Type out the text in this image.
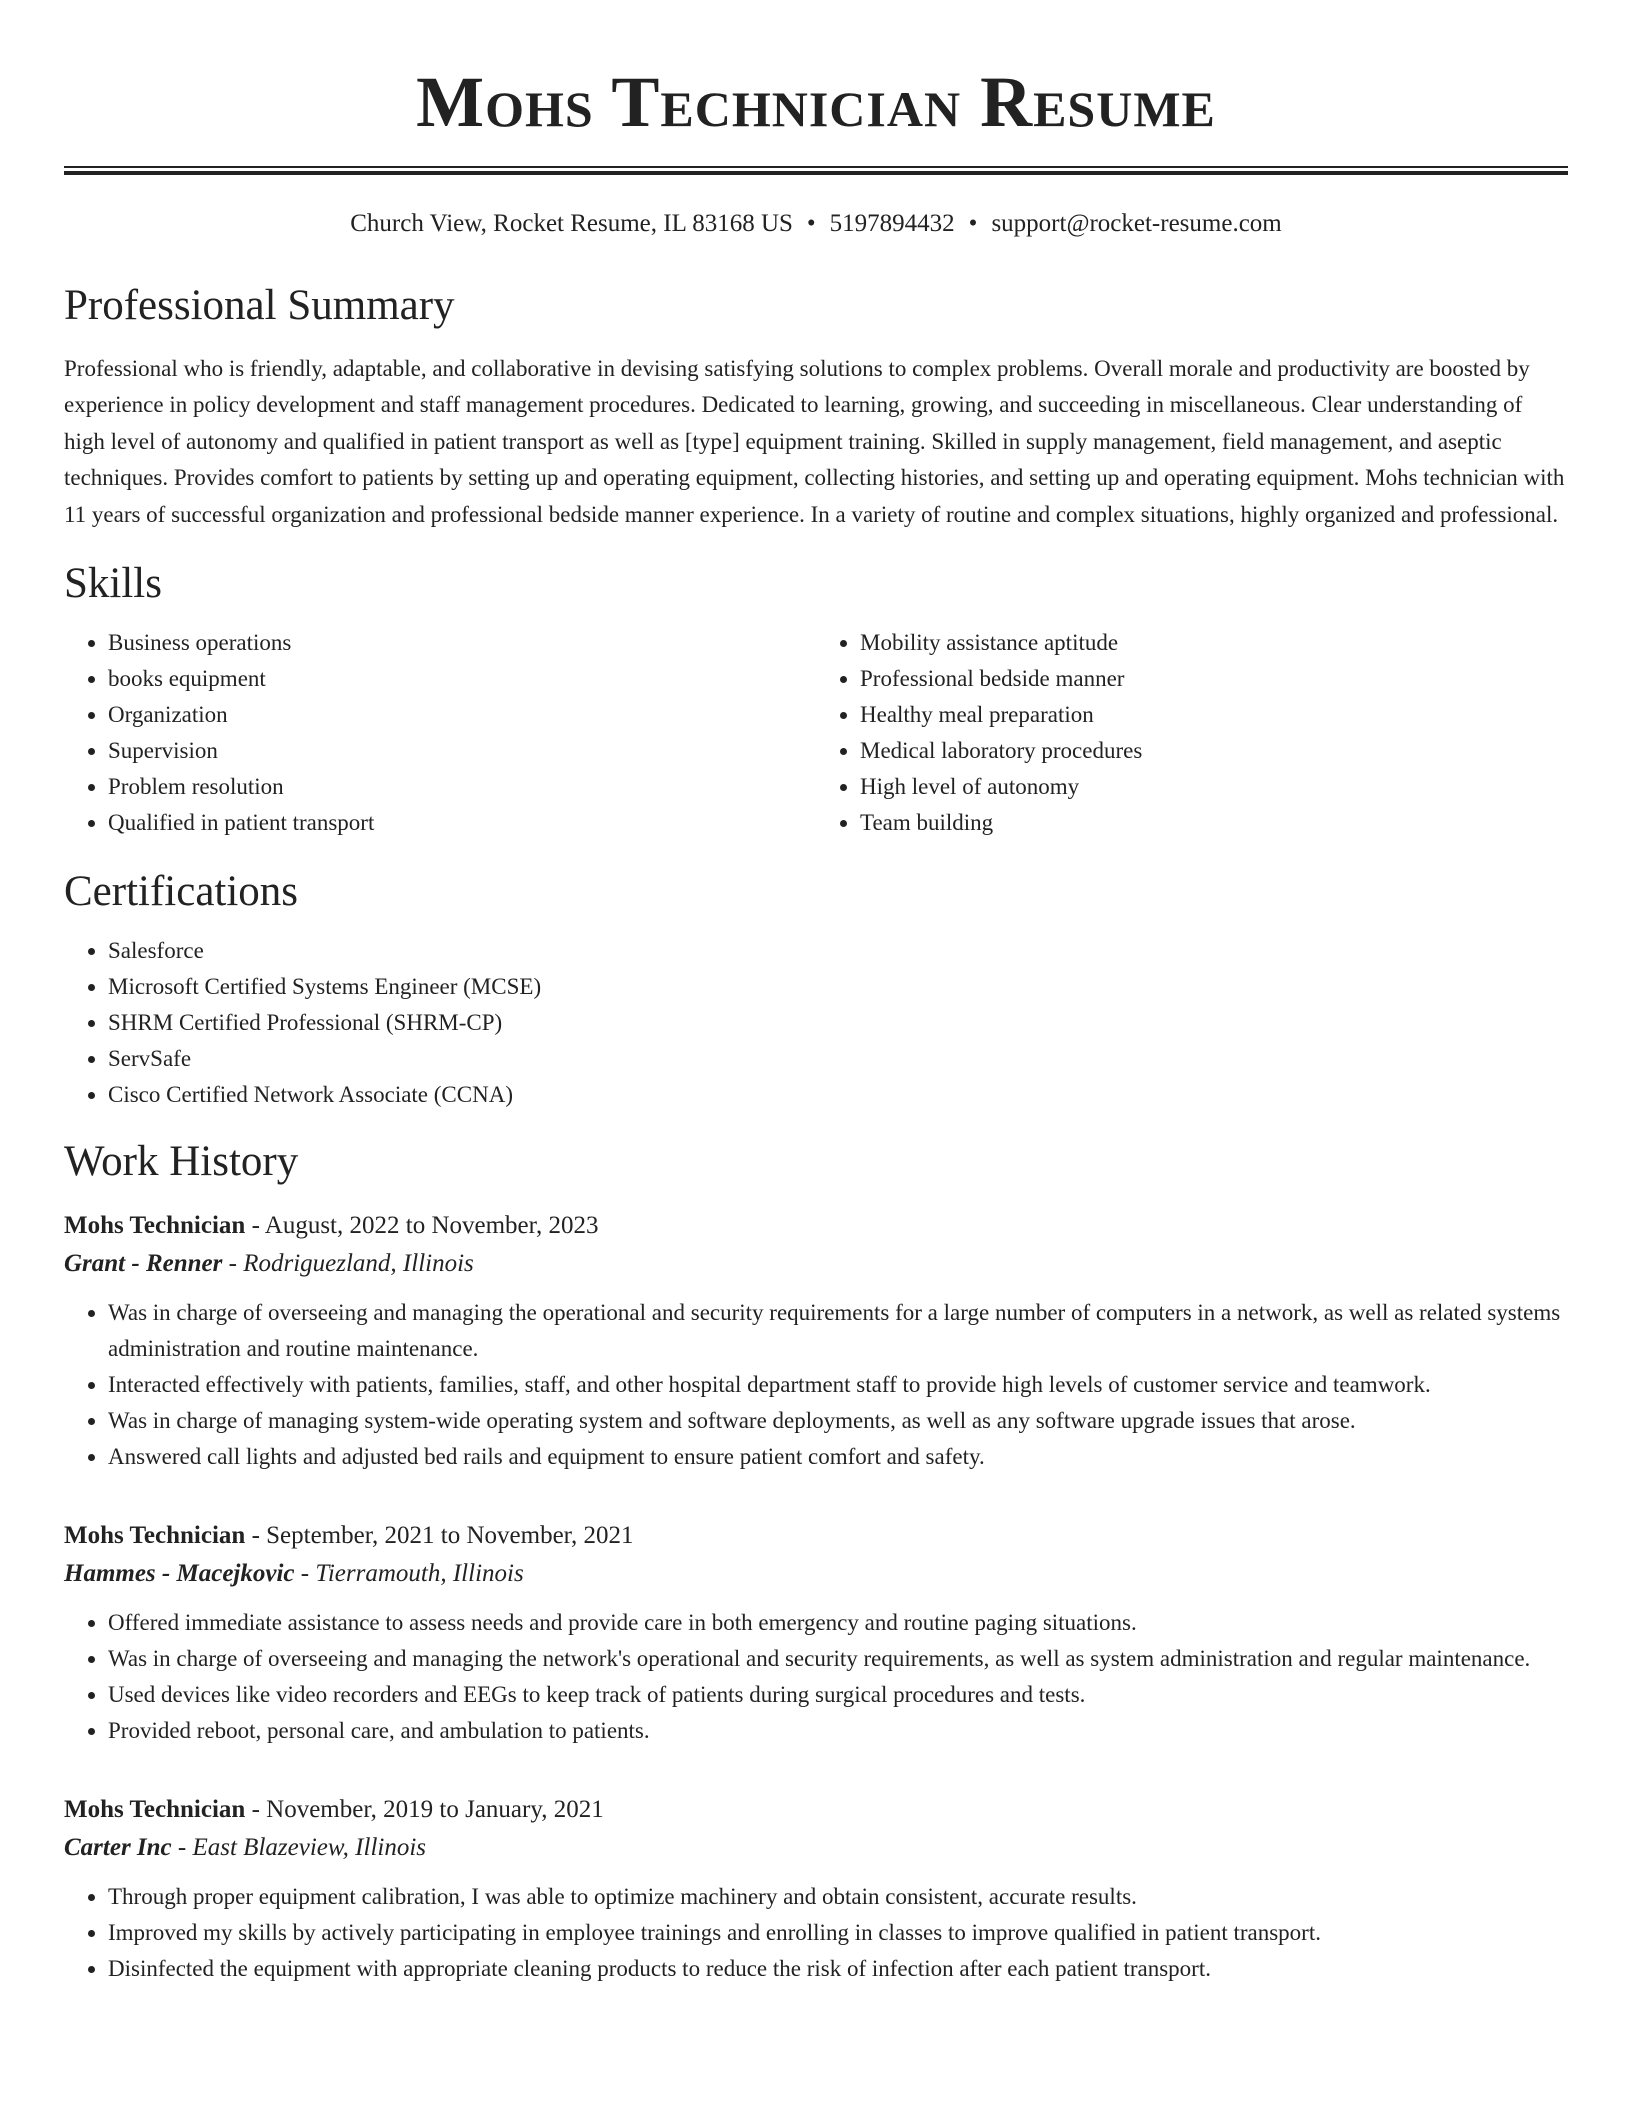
Mohs Technician Resume
Church View, Rocket Resume, IL 83168 US • 5197894432 • support@rocket-resume.com
Professional Summary

Professional who is friendly, adaptable, and collaborative in devising satisfying solutions to complex problems. Overall morale and productivity are boosted by experience in policy development and staff management procedures. Dedicated to learning, growing, and succeeding in miscellaneous. Clear understanding of high level of autonomy and qualified in patient transport as well as [type] equipment training. Skilled in supply management, field management, and aseptic techniques. Provides comfort to patients by setting up and operating equipment, collecting histories, and setting up and operating equipment. Mohs technician with 11 years of successful organization and professional bedside manner experience. In a variety of routine and complex situations, highly organized and professional.

Skills
• Business operations
• books equipment
• Organization
• Supervision
• Problem resolution
• Qualified in patient transport
• Mobility assistance aptitude
• Professional bedside manner
• Healthy meal preparation
• Medical laboratory procedures
• High level of autonomy
• Team building
Certifications
• Salesforce
• Microsoft Certified Systems Engineer (MCSE)
• SHRM Certified Professional (SHRM-CP)
• ServSafe
• Cisco Certified Network Associate (CCNA)
Work History
Mohs Technician - August, 2022 to November, 2023
Grant - Renner - Rodriguezland, Illinois
• Was in charge of overseeing and managing the operational and security requirements for a large number of computers in a network, as well as related systems administration and routine maintenance.
• Interacted effectively with patients, families, staff, and other hospital department staff to provide high levels of customer service and teamwork.
• Was in charge of managing system-wide operating system and software deployments, as well as any software upgrade issues that arose.
• Answered call lights and adjusted bed rails and equipment to ensure patient comfort and safety.
Mohs Technician - September, 2021 to November, 2021
Hammes - Macejkovic - Tierramouth, Illinois
• Offered immediate assistance to assess needs and provide care in both emergency and routine paging situations.
• Was in charge of overseeing and managing the network's operational and security requirements, as well as system administration and regular maintenance.
• Used devices like video recorders and EEGs to keep track of patients during surgical procedures and tests.
• Provided reboot, personal care, and ambulation to patients.
Mohs Technician - November, 2019 to January, 2021
Carter Inc - East Blazeview, Illinois
• Through proper equipment calibration, I was able to optimize machinery and obtain consistent, accurate results.
• Improved my skills by actively participating in employee trainings and enrolling in classes to improve qualified in patient transport.
• Disinfected the equipment with appropriate cleaning products to reduce the risk of infection after each patient transport.
